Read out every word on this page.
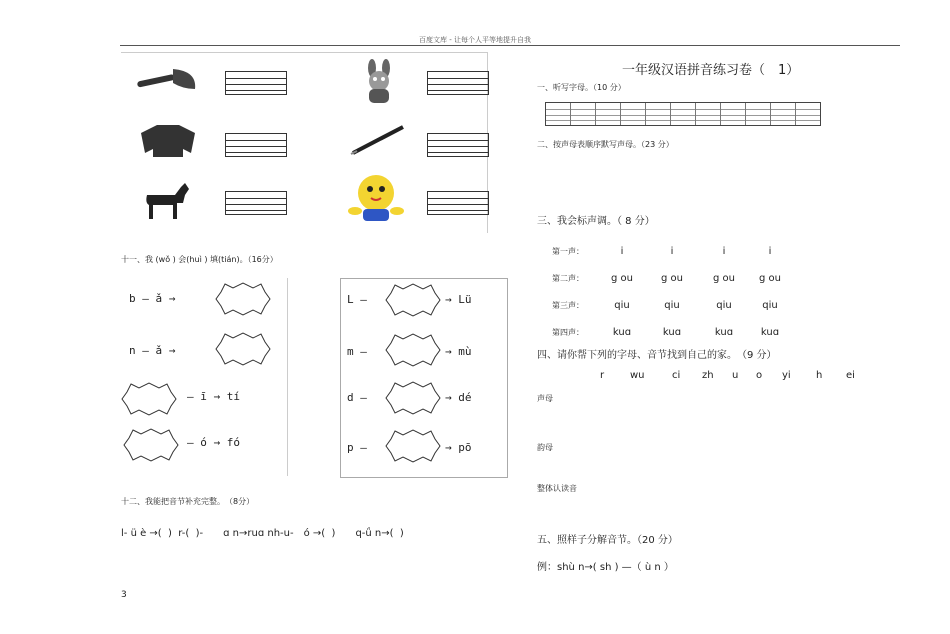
百度文库 - 让每个人平等地提升自我
十一、我 (wǒ ) 会(huì ) 填(tián)。（16分）
b — ǎ →
n — ǎ →
— ī → tí
— ó → fó
L —	→ Lü
m —	→ mù
d —	→ dé
p —	→ pō
十二、我能把音节补充完整。　（8分）
l- ü è →(  )  r-(  )-　　ɑ n→ruɑ nh-u-　ó →(  )　　q-ǘ n→(  )
3
一年级汉语拼音练习卷（　1）
一、听写字母。（10 分）
二、按声母表顺序默写声母。（23 分）
三、我会标声调。（ 8 分）
第一声：	i	i	i	i
第二声：	g ou	g ou	g ou	g ou
第三声：	qiu	qiu	qiu	qiu
第四声：	kuɑ	kuɑ	kuɑ	kuɑ
四、请你帮下列的字母、音节找到自己的家。　（9 分）
r	wu	ci	zh	u	o	yi	h	ei
声母
韵母
整体认读音
五、照样子分解音节。（20 分）
例：shù n→( sh ) —（ ù n ）
